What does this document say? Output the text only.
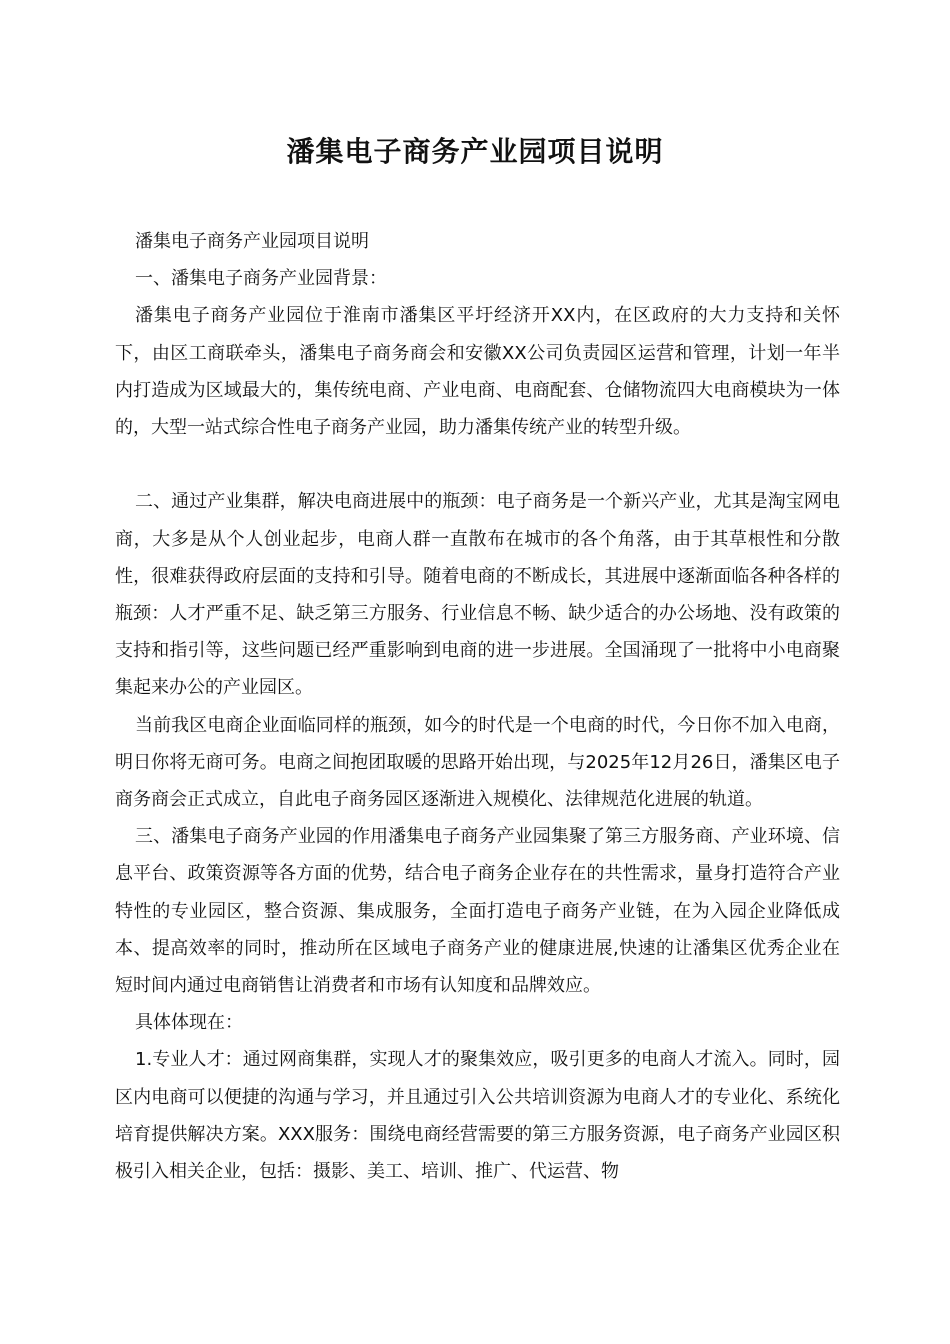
潘集电子商务产业园项目说明

潘集电子商务产业园项目说明

一、潘集电子商务产业园背景：

潘集电子商务产业园位于淮南市潘集区平圩经济开XX内，在区政府的大力支持和关怀下，由区工商联牵头，潘集电子商务商会和安徽XX公司负责园区运营和管理，计划一年半内打造成为区域最大的，集传统电商、产业电商、电商配套、仓储物流四大电商模块为一体的，大型一站式综合性电子商务产业园，助力潘集传统产业的转型升级。

二、通过产业集群，解决电商进展中的瓶颈：电子商务是一个新兴产业，尤其是淘宝网电商，大多是从个人创业起步，电商人群一直散布在城市的各个角落，由于其草根性和分散性，很难获得政府层面的支持和引导。随着电商的不断成长，其进展中逐渐面临各种各样的瓶颈：人才严重不足、缺乏第三方服务、行业信息不畅、缺少适合的办公场地、没有政策的支持和指引等，这些问题已经严重影响到电商的进一步进展。全国涌现了一批将中小电商聚集起来办公的产业园区。

当前我区电商企业面临同样的瓶颈，如今的时代是一个电商的时代，今日你不加入电商，明日你将无商可务。电商之间抱团取暖的思路开始出现，与2025年12月26日，潘集区电子商务商会正式成立，自此电子商务园区逐渐进入规模化、法律规范化进展的轨道。

三、潘集电子商务产业园的作用潘集电子商务产业园集聚了第三方服务商、产业环境、信息平台、政策资源等各方面的优势，结合电子商务企业存在的共性需求，量身打造符合产业特性的专业园区，整合资源、集成服务，全面打造电子商务产业链，在为入园企业降低成本、提高效率的同时，推动所在区域电子商务产业的健康进展,快速的让潘集区优秀企业在短时间内通过电商销售让消费者和市场有认知度和品牌效应。

具体体现在：

1.专业人才：通过网商集群，实现人才的聚集效应，吸引更多的电商人才流入。同时，园区内电商可以便捷的沟通与学习，并且通过引入公共培训资源为电商人才的专业化、系统化培育提供解决方案。XXX服务：围绕电商经营需要的第三方服务资源，电子商务产业园区积极引入相关企业，包括：摄影、美工、培训、推广、代运营、物
